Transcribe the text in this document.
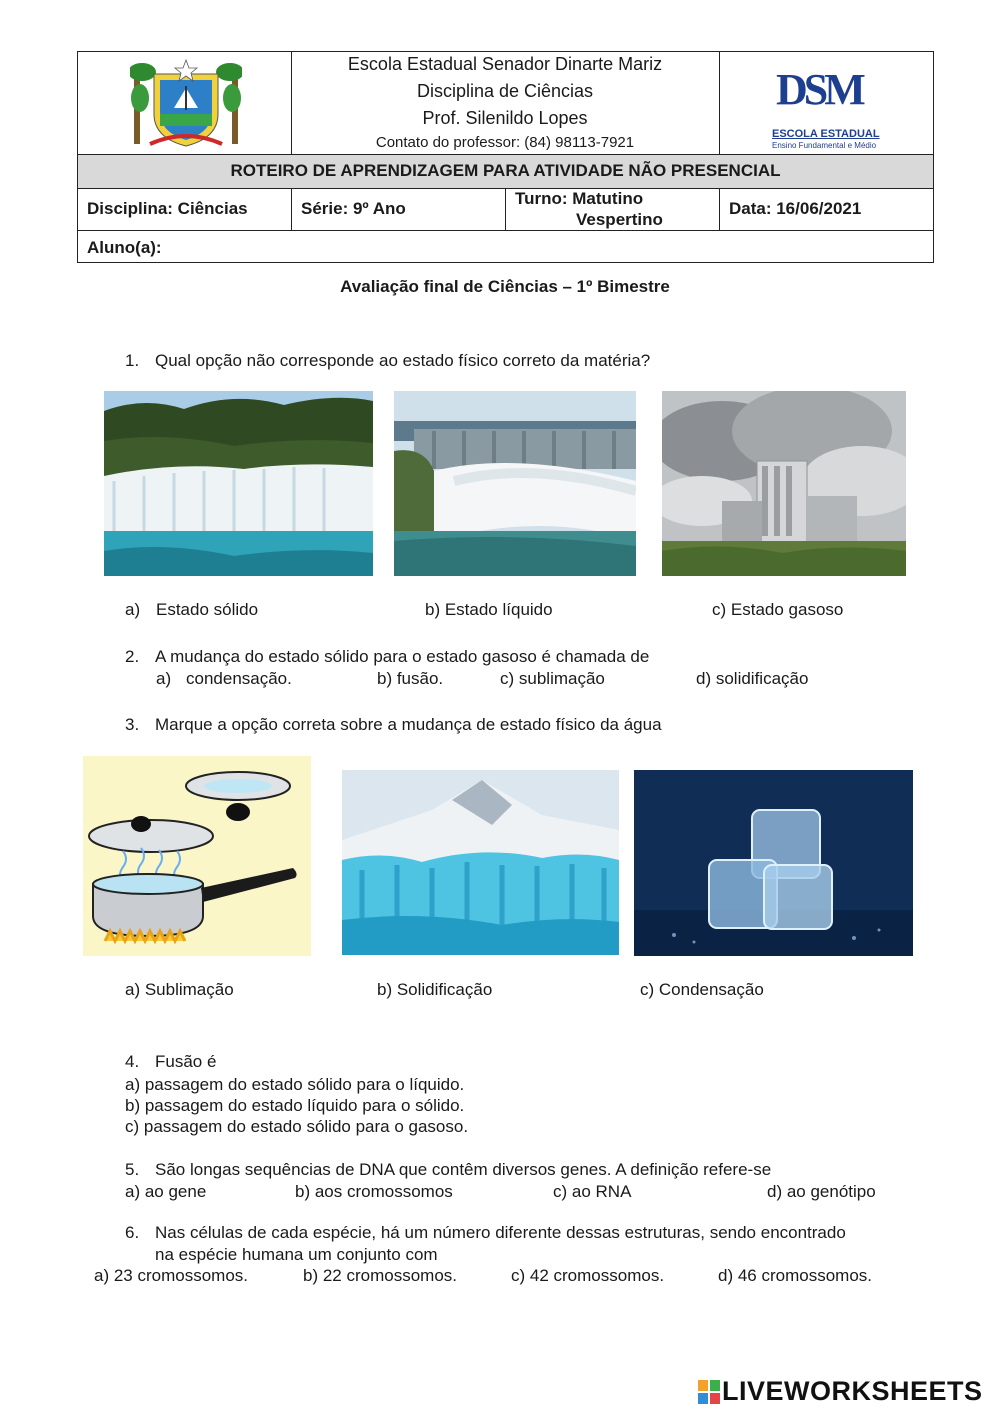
Escola Estadual Senador Dinarte Mariz
Disciplina de Ciências
Prof. Silenildo Lopes
Contato do professor: (84) 98113-7921
DSM
ESCOLA ESTADUAL
Ensino Fundamental e Médio
ROTEIRO DE APRENDIZAGEM PARA ATIVIDADE NÃO PRESENCIAL
Disciplina: Ciências	Série: 9º Ano
Turno: Matutino
Vespertino
Data: 16/06/2021
Aluno(a):
Avaliação final de Ciências – 1º Bimestre
1. Qual opção não corresponde ao estado físico correto da matéria?
a) Estado sólido	b) Estado líquido	c) Estado gasoso
2. A mudança do estado sólido para o estado gasoso é chamada de
a) condensação.	b) fusão.	c) sublimação	d) solidificação
3. Marque a opção correta sobre a mudança de estado físico da água
a) Sublimação	b) Solidificação	c) Condensação
4. Fusão é
a) passagem do estado sólido para o líquido.
b) passagem do estado líquido para o sólido.
c) passagem do estado sólido para o gasoso.
5. São longas sequências de DNA que contêm diversos genes. A definição refere-se
a) ao gene	b) aos cromossomos	c) ao RNA	d) ao genótipo
6. Nas células de cada espécie, há um número diferente dessas estruturas, sendo encontrado
na espécie humana um conjunto com
a) 23 cromossomos.	b) 22 cromossomos.	c) 42 cromossomos.	d) 46 cromossomos.
LIVEWORKSHEETS
